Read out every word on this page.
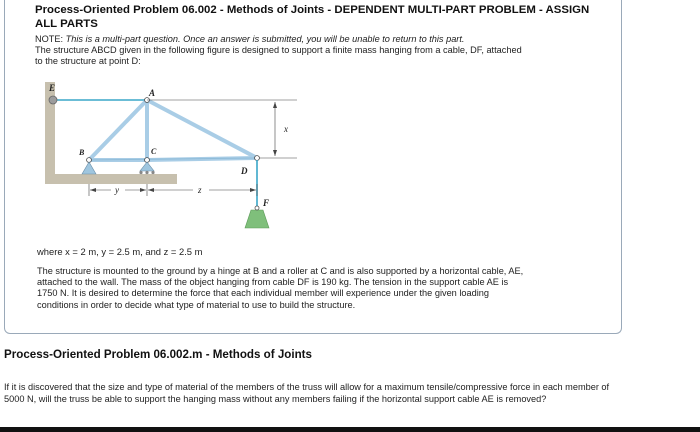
Process-Oriented Problem 06.002 - Methods of Joints - DEPENDENT MULTI-PART PROBLEM - ASSIGN
ALL PARTS
NOTE: This is a multi-part question. Once an answer is submitted, you will be unable to return to this part.
The structure ABCD given in the following figure is designed to support a finite mass hanging from a cable, DF, attached
to the structure at point D:
E	A
B	C
D
F
x
y	z
where x = 2 m, y = 2.5 m, and z = 2.5 m
The structure is mounted to the ground by a hinge at B and a roller at C and is also supported by a horizontal cable, AE,
attached to the wall. The mass of the object hanging from cable DF is 190 kg. The tension in the support cable AE is
1750 N. It is desired to determine the force that each individual member will experience under the given loading
conditions in order to decide what type of material to use to build the structure.
Process-Oriented Problem 06.002.m - Methods of Joints
If it is discovered that the size and type of material of the members of the truss will allow for a maximum tensile/compressive force in each member of
5000 N, will the truss be able to support the hanging mass without any members failing if the horizontal support cable AE is removed?
